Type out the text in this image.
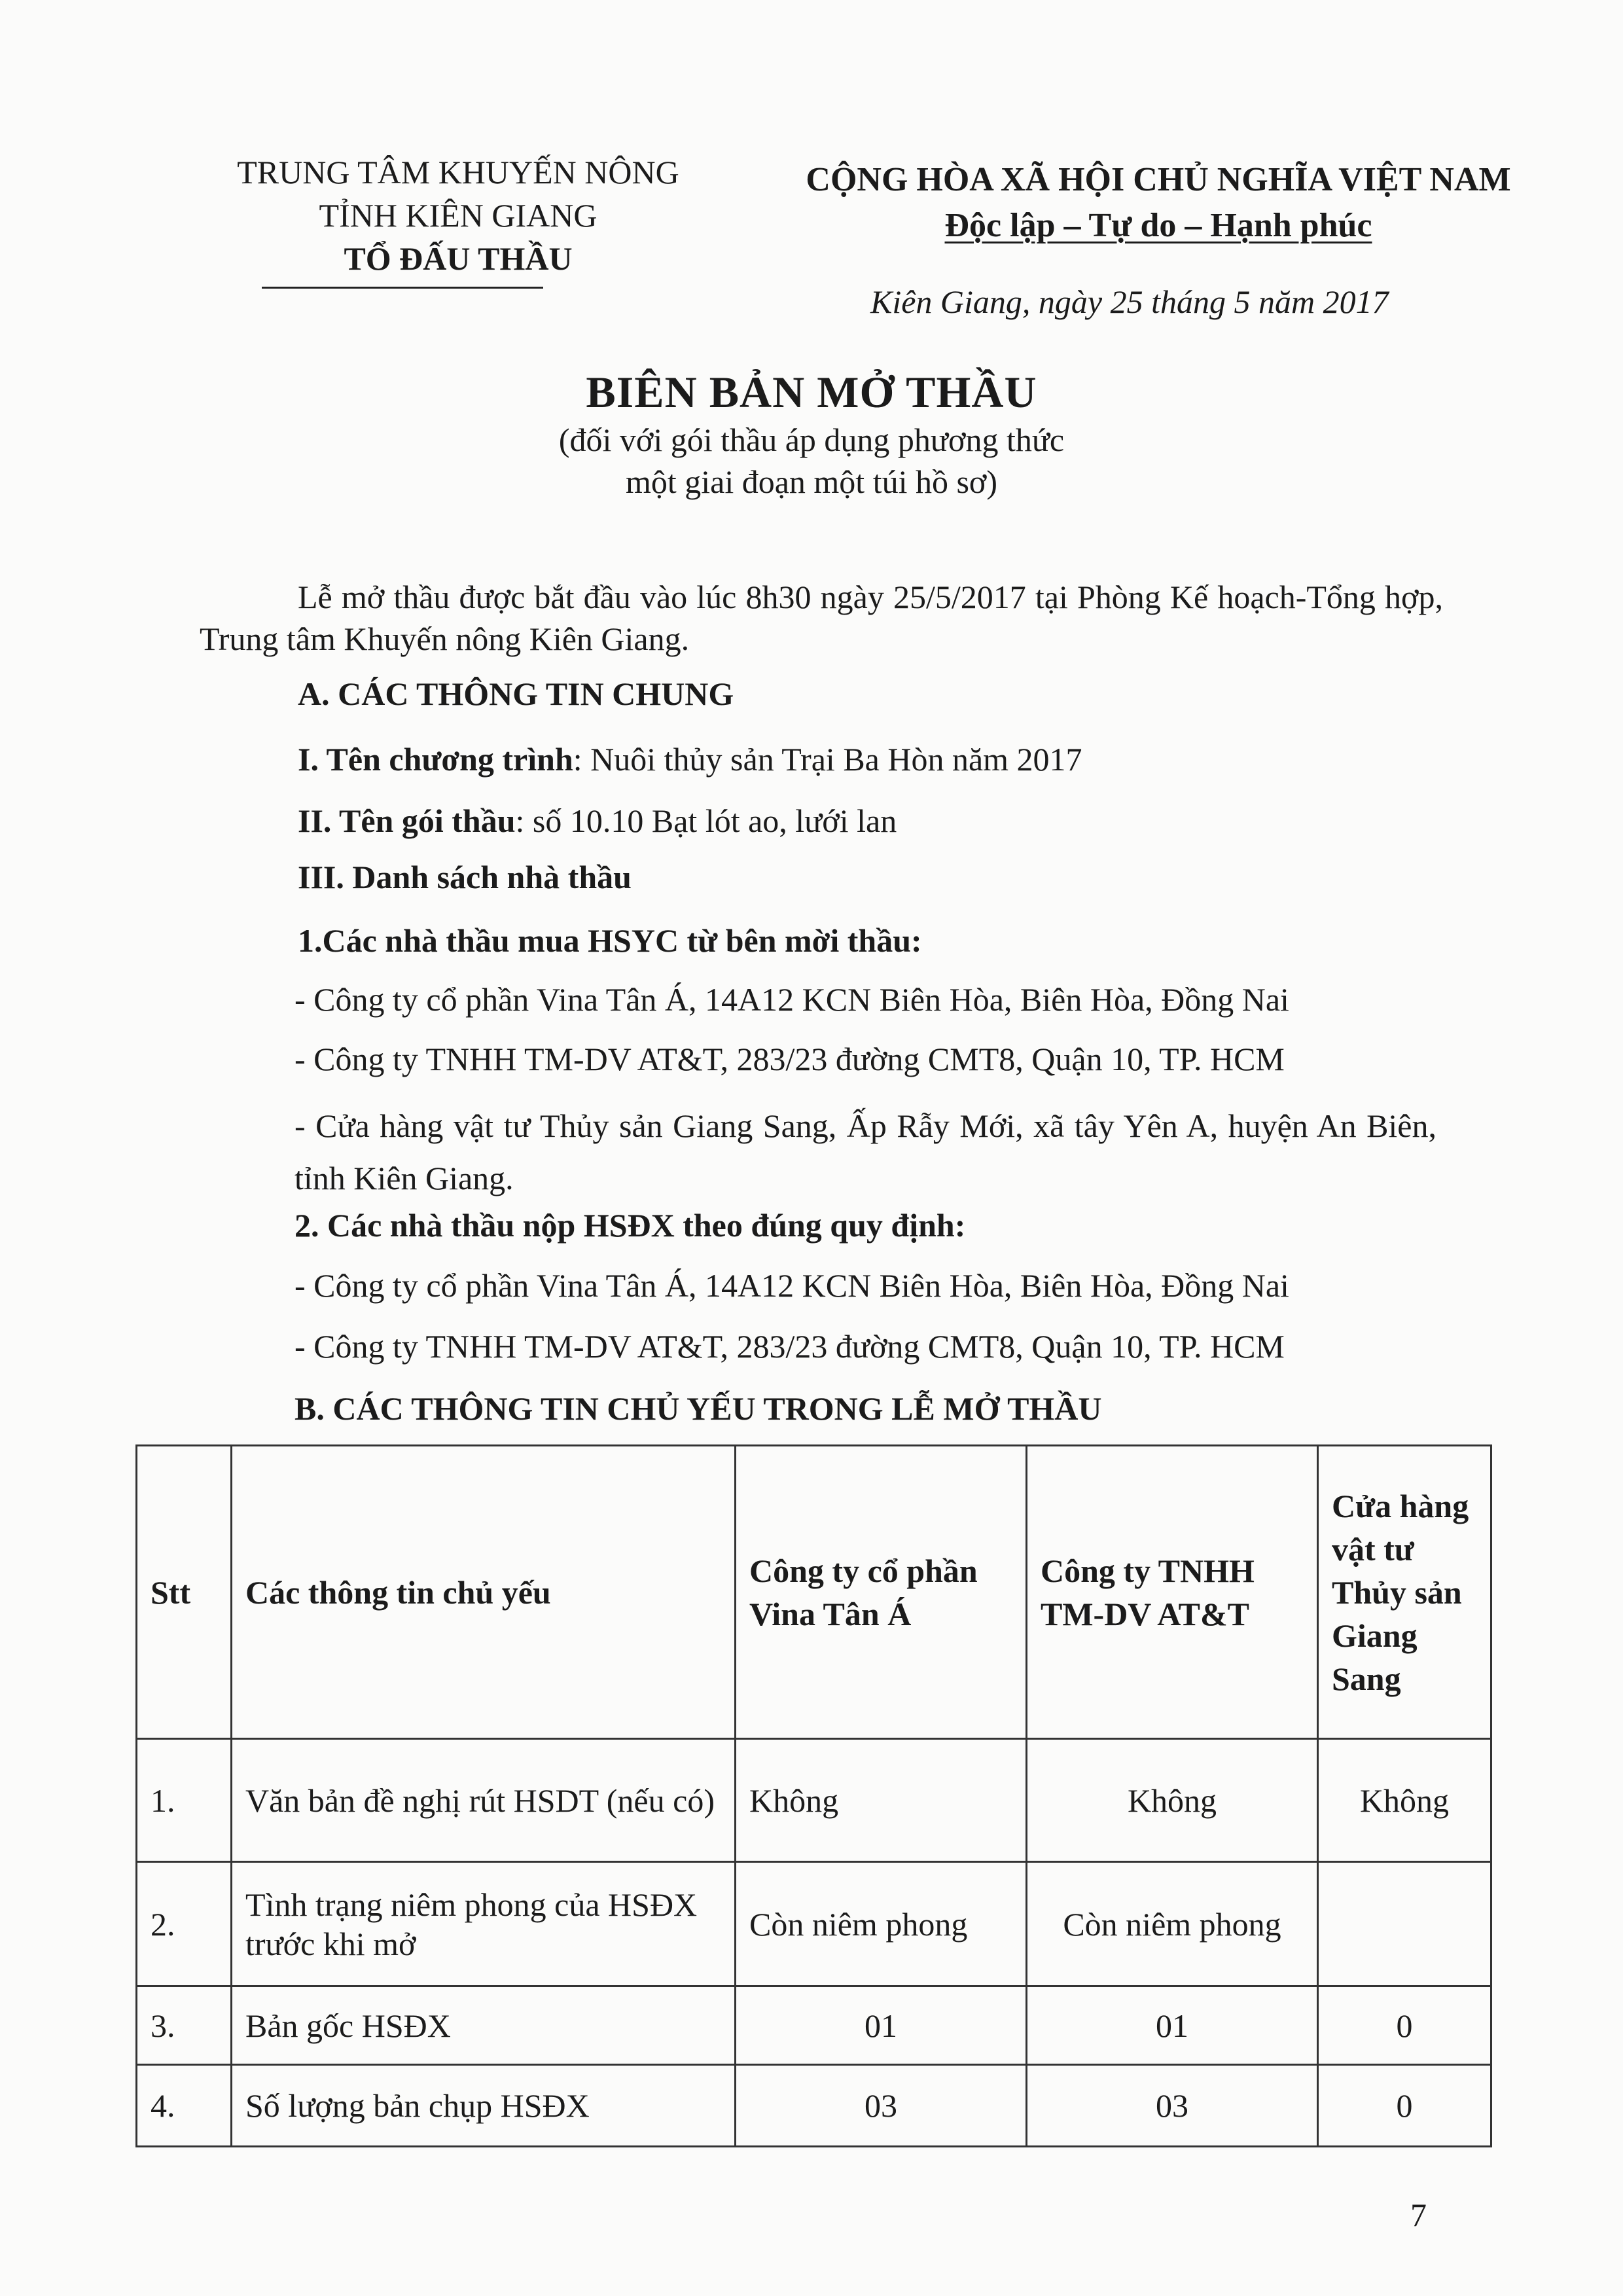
TRUNG TÂM KHUYẾN NÔNG
TỈNH KIÊN GIANG
TỔ ĐẤU THẦU
CỘNG HÒA XÃ HỘI CHỦ NGHĨA VIỆT NAM
Độc lập – Tự do – Hạnh phúc
Kiên Giang, ngày 25 tháng 5 năm 2017
BIÊN BẢN MỞ THẦU
(đối với gói thầu áp dụng phương thức
một giai đoạn một túi hồ sơ)
Lễ mở thầu được bắt đầu vào lúc 8h30 ngày 25/5/2017 tại Phòng Kế hoạch-Tổng hợp, Trung tâm Khuyến nông Kiên Giang.
A. CÁC THÔNG TIN CHUNG
I. Tên chương trình: Nuôi thủy sản Trại Ba Hòn năm 2017
II. Tên gói thầu: số 10.10 Bạt lót ao, lưới lan
III. Danh sách nhà thầu
1.Các nhà thầu mua HSYC từ bên mời thầu:
- Công ty cổ phần Vina Tân Á, 14A12 KCN Biên Hòa, Biên Hòa, Đồng Nai
- Công ty TNHH TM-DV AT&T, 283/23 đường CMT8, Quận 10, TP. HCM
- Cửa hàng vật tư Thủy sản Giang Sang, Ấp Rẫy Mới, xã tây Yên A, huyện An Biên, tỉnh Kiên Giang.
2. Các nhà thầu nộp HSĐX theo đúng quy định:
- Công ty cổ phần Vina Tân Á, 14A12 KCN Biên Hòa, Biên Hòa, Đồng Nai
- Công ty TNHH TM-DV AT&T, 283/23 đường CMT8, Quận 10, TP. HCM
B. CÁC THÔNG TIN CHỦ YẾU TRONG LỄ MỞ THẦU
Stt	Các thông tin chủ yếu	Công ty cổ phần Vina Tân Á	Công ty TNHH TM-DV AT&T	Cửa hàng vật tư Thủy sản Giang Sang
1.	Văn bản đề nghị rút HSDT (nếu có)	Không	Không	Không
2.	Tình trạng niêm phong của HSĐX trước khi mở	Còn niêm phong	Còn niêm phong	
3.	Bản gốc HSĐX	01	01	0
4.	Số lượng bản chụp HSĐX	03	03	0
7
